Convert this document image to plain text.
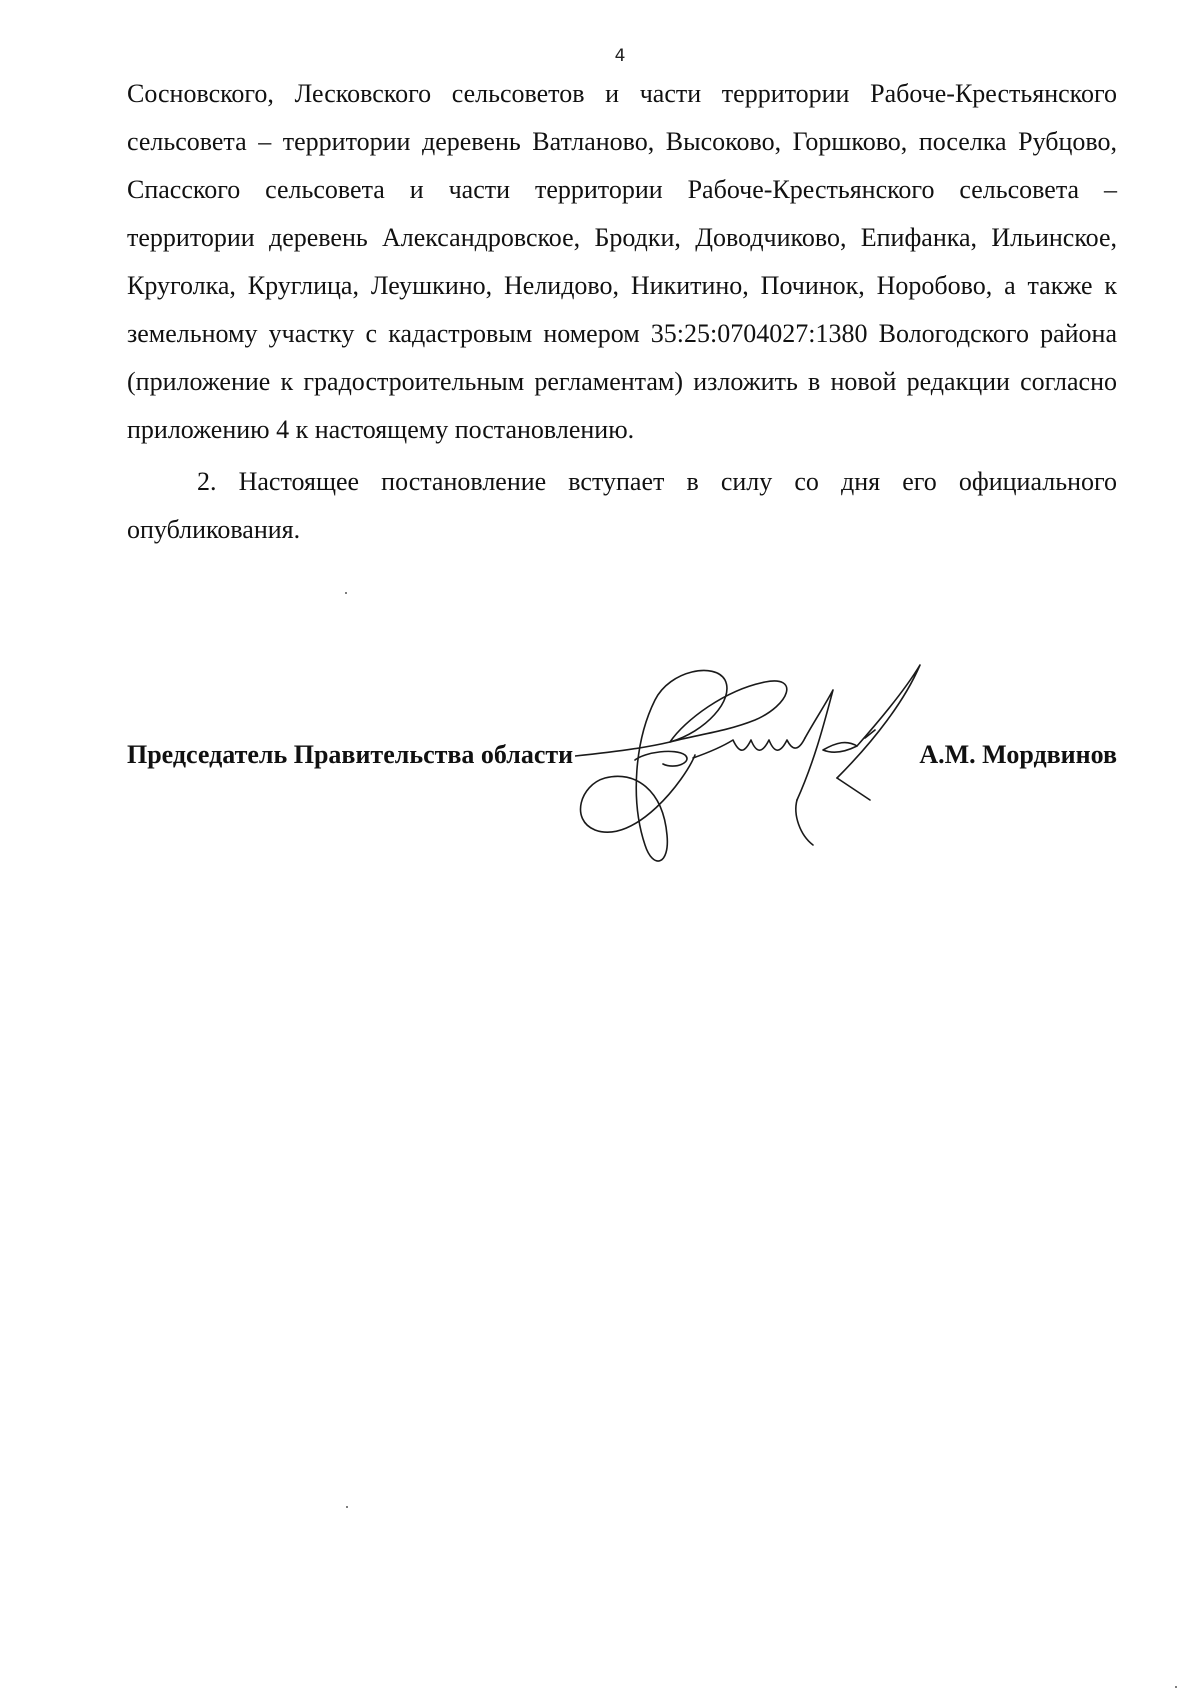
4

Сосновского, Лесковского сельсоветов и части территории Рабоче-Крестьянского сельсовета – территории деревень Ватланово, Высоково, Горшково, поселка Рубцово, Спасского сельсовета и части территории Рабоче-Крестьянского сельсовета – территории деревень Александровское, Бродки, Доводчиково, Епифанка, Ильинское, Круголка, Круглица, Леушкино, Нелидово, Никитино, Починок, Норобово, а также к земельному участку с кадастровым номером 35:25:0704027:1380 Вологодского района (приложение к градостроительным регламентам) изложить в новой редакции согласно приложению 4 к настоящему постановлению.

2. Настоящее постановление вступает в силу со дня его официального опубликования.

Председатель Правительства области	А.М. Мордвинов
